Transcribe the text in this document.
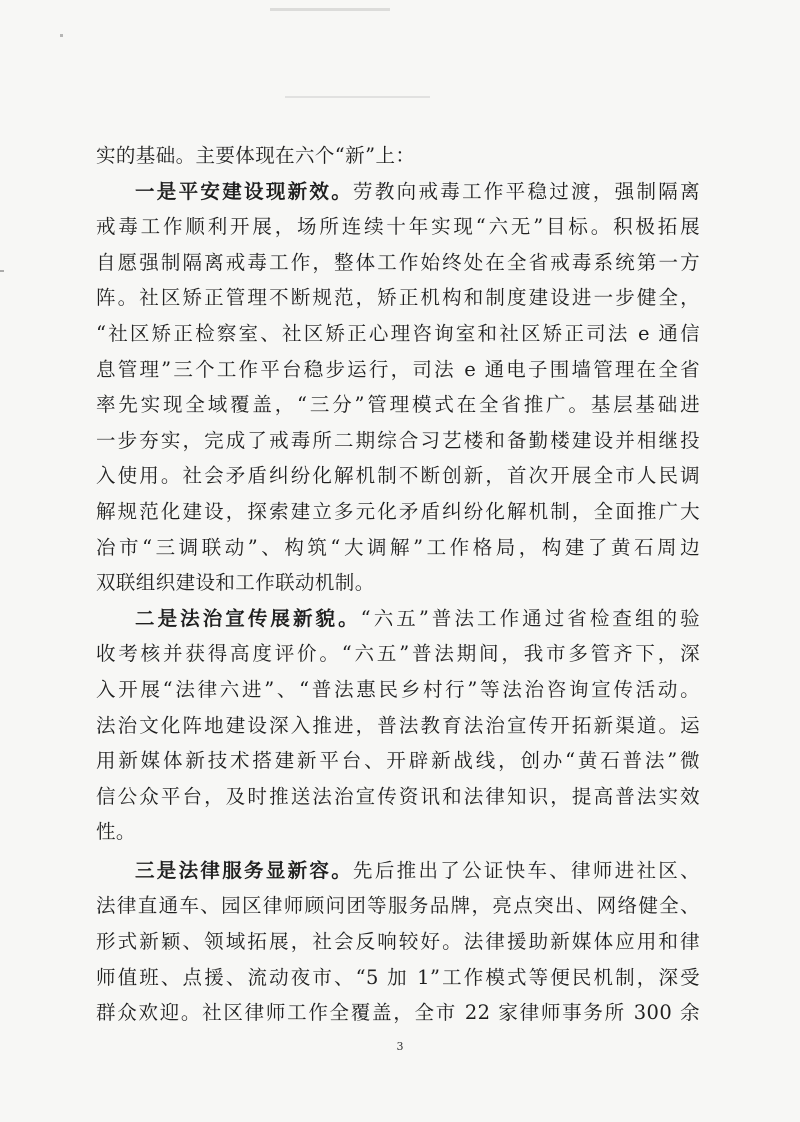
实的基础。主要体现在六个“新”上：
一是平安建设现新效。劳教向戒毒工作平稳过渡，强制隔离
戒毒工作顺利开展，场所连续十年实现“六无”目标。积极拓展
自愿强制隔离戒毒工作，整体工作始终处在全省戒毒系统第一方
阵。社区矫正管理不断规范，矫正机构和制度建设进一步健全，
“社区矫正检察室、社区矫正心理咨询室和社区矫正司法 e 通信
息管理”三个工作平台稳步运行，司法 e 通电子围墙管理在全省
率先实现全域覆盖，“三分”管理模式在全省推广。基层基础进
一步夯实，完成了戒毒所二期综合习艺楼和备勤楼建设并相继投
入使用。社会矛盾纠纷化解机制不断创新，首次开展全市人民调
解规范化建设，探索建立多元化矛盾纠纷化解机制，全面推广大
冶市“三调联动”、构筑“大调解”工作格局，构建了黄石周边
双联组织建设和工作联动机制。
二是法治宣传展新貌。“六五”普法工作通过省检查组的验
收考核并获得高度评价。“六五”普法期间，我市多管齐下，深
入开展“法律六进”、“普法惠民乡村行”等法治咨询宣传活动。
法治文化阵地建设深入推进，普法教育法治宣传开拓新渠道。运
用新媒体新技术搭建新平台、开辟新战线，创办“黄石普法”微
信公众平台，及时推送法治宣传资讯和法律知识，提高普法实效
性。
三是法律服务显新容。先后推出了公证快车、律师进社区、
法律直通车、园区律师顾问团等服务品牌，亮点突出、网络健全、
形式新颖、领域拓展，社会反响较好。法律援助新媒体应用和律
师值班、点援、流动夜市、“5 加 1”工作模式等便民机制，深受
群众欢迎。社区律师工作全覆盖，全市 22 家律师事务所 300 余
3
